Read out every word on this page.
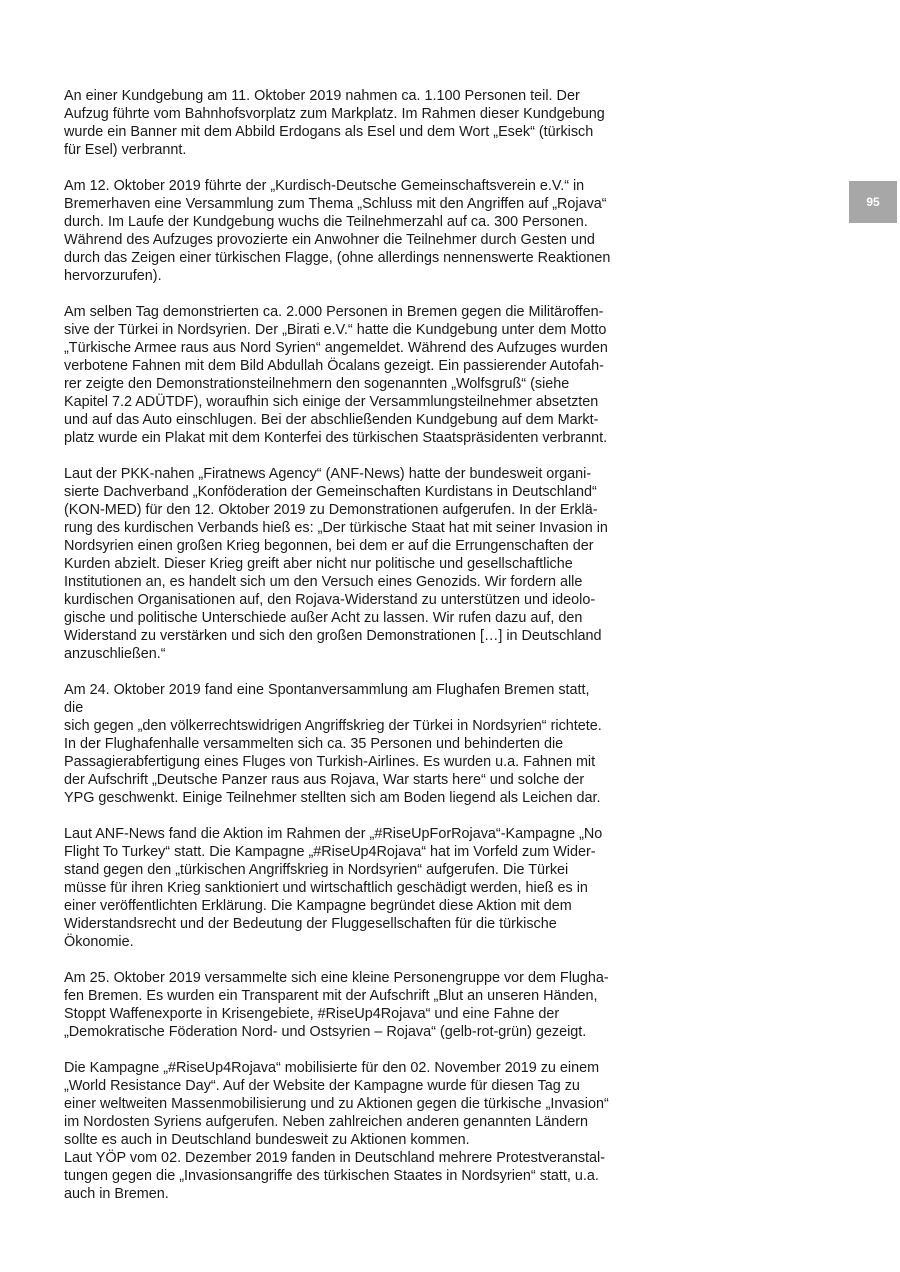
95

An einer Kundgebung am 11. Oktober 2019 nahmen ca. 1.100 Personen teil. Der
Aufzug führte vom Bahnhofsvorplatz zum Markplatz. Im Rahmen dieser Kundgebung
wurde ein Banner mit dem Abbild Erdogans als Esel und dem Wort „Esek“ (türkisch
für Esel) verbrannt.

Am 12. Oktober 2019 führte der „Kurdisch-Deutsche Gemeinschaftsverein e.V.“ in
Bremerhaven eine Versammlung zum Thema „Schluss mit den Angriffen auf „Rojava“
durch. Im Laufe der Kundgebung wuchs die Teilnehmerzahl auf ca. 300 Personen.
Während des Aufzuges provozierte ein Anwohner die Teilnehmer durch Gesten und
durch das Zeigen einer türkischen Flagge, (ohne allerdings nennenswerte Reaktionen
hervorzurufen).

Am selben Tag demonstrierten ca. 2.000 Personen in Bremen gegen die Militäroffen-
sive der Türkei in Nordsyrien. Der „Birati e.V.“ hatte die Kundgebung unter dem Motto
„Türkische Armee raus aus Nord Syrien“ angemeldet. Während des Aufzuges wurden
verbotene Fahnen mit dem Bild Abdullah Öcalans gezeigt. Ein passierender Autofah-
rer zeigte den Demonstrationsteilnehmern den sogenannten „Wolfsgruß“ (siehe
Kapitel 7.2 ADÜTDF), woraufhin sich einige der Versammlungsteilnehmer absetzten
und auf das Auto einschlugen. Bei der abschließenden Kundgebung auf dem Markt-
platz wurde ein Plakat mit dem Konterfei des türkischen Staatspräsidenten verbrannt.

Laut der PKK-nahen „Firatnews Agency“ (ANF-News) hatte der bundesweit organi-
sierte Dachverband „Konföderation der Gemeinschaften Kurdistans in Deutschland“
(KON-MED) für den 12. Oktober 2019 zu Demonstrationen aufgerufen. In der Erklä-
rung des kurdischen Verbands hieß es: „Der türkische Staat hat mit seiner Invasion in
Nordsyrien einen großen Krieg begonnen, bei dem er auf die Errungenschaften der
Kurden abzielt. Dieser Krieg greift aber nicht nur politische und gesellschaftliche
Institutionen an, es handelt sich um den Versuch eines Genozids. Wir fordern alle
kurdischen Organisationen auf, den Rojava-Widerstand zu unterstützen und ideolo-
gische und politische Unterschiede außer Acht zu lassen. Wir rufen dazu auf, den
Widerstand zu verstärken und sich den großen Demonstrationen […] in Deutschland
anzuschließen.“

Am 24. Oktober 2019 fand eine Spontanversammlung am Flughafen Bremen statt, die
sich gegen „den völkerrechtswidrigen Angriffskrieg der Türkei in Nordsyrien“ richtete.
In der Flughafenhalle versammelten sich ca. 35 Personen und behinderten die
Passagierabfertigung eines Fluges von Turkish-Airlines. Es wurden u.a. Fahnen mit
der Aufschrift „Deutsche Panzer raus aus Rojava, War starts here“ und solche der
YPG geschwenkt. Einige Teilnehmer stellten sich am Boden liegend als Leichen dar.

Laut ANF-News fand die Aktion im Rahmen der „#RiseUpForRojava“-Kampagne „No
Flight To Turkey“ statt. Die Kampagne „#RiseUp4Rojava“ hat im Vorfeld zum Wider-
stand gegen den „türkischen Angriffskrieg in Nordsyrien“ aufgerufen. Die Türkei
müsse für ihren Krieg sanktioniert und wirtschaftlich geschädigt werden, hieß es in
einer veröffentlichten Erklärung. Die Kampagne begründet diese Aktion mit dem
Widerstandsrecht und der Bedeutung der Fluggesellschaften für die türkische
Ökonomie.

Am 25. Oktober 2019 versammelte sich eine kleine Personengruppe vor dem Flugha-
fen Bremen. Es wurden ein Transparent mit der Aufschrift „Blut an unseren Händen,
Stoppt Waffenexporte in Krisengebiete, #RiseUp4Rojava“ und eine Fahne der
„Demokratische Föderation Nord- und Ostsyrien – Rojava“ (gelb-rot-grün) gezeigt.

Die Kampagne „#RiseUp4Rojava“ mobilisierte für den 02. November 2019 zu einem
„World Resistance Day“. Auf der Website der Kampagne wurde für diesen Tag zu
einer weltweiten Massenmobilisierung und zu Aktionen gegen die türkische „Invasion“
im Nordosten Syriens aufgerufen. Neben zahlreichen anderen genannten Ländern
sollte es auch in Deutschland bundesweit zu Aktionen kommen.

Laut YÖP vom 02. Dezember 2019 fanden in Deutschland mehrere Protestveranstal-
tungen gegen die „Invasionsangriffe des türkischen Staates in Nordsyrien“ statt, u.a.
auch in Bremen.
